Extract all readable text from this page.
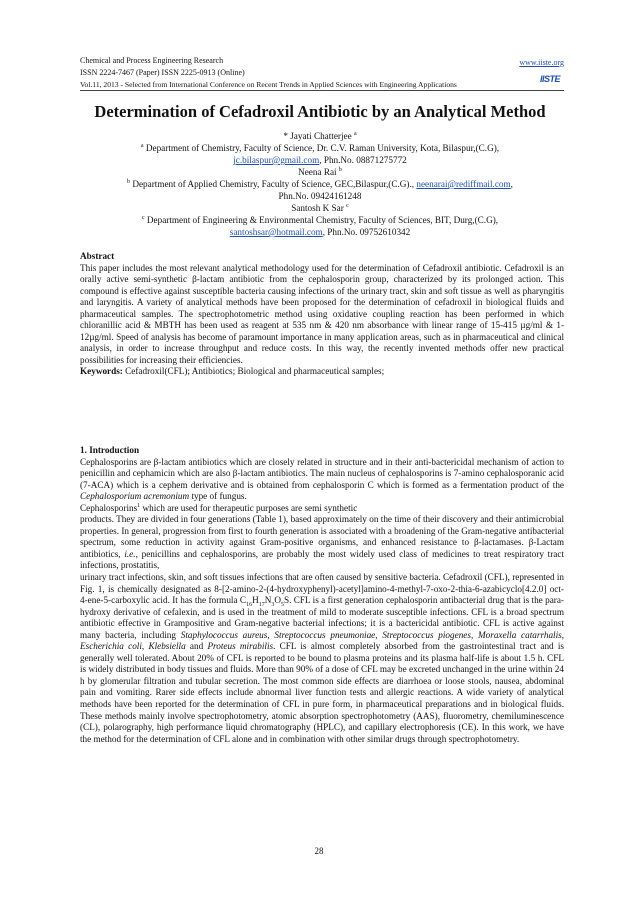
Chemical and Process Engineering Research	www.iiste.org
ISSN 2224-7467 (Paper) ISSN 2225-0913 (Online)
Vol.11, 2013 - Selected from International Conference on Recent Trends in Applied Sciences with Engineering Applications
IISTE
Determination of Cefadroxil Antibiotic by an Analytical Method
* Jayati Chatterjee $^a$
$^a$ Department of Chemistry, Faculty of Science, Dr. C.V. Raman University, Kota, Bilaspur,(C.G),
jc.bilaspur@gmail.com, Phn.No. 08871275772
Neena Rai $^b$
$^b$ Department of Applied Chemistry, Faculty of Science, GEC,Bilaspur,(C.G)., neenarai@rediffmail.com,
Phn.No. 09424161248
Santosh K Sar $^c$
$^c$ Department of Engineering & Environmental Chemistry, Faculty of Sciences, BIT, Durg,(C.G),
santoshsar@hotmail.com, Phn.No. 09752610342
Abstract

This paper includes the most relevant analytical methodology used for the determination of Cefadroxil antibiotic. Cefadroxil is an orally active semi-synthetic β-lactam antibiotic from the cephalosporin group, characterized by its prolonged action. This compound is effective against susceptible bacteria causing infections of the urinary tract, skin and soft tissue as well as pharyngitis and laryngitis. A variety of analytical methods have been proposed for the determination of cefadroxil in biological fluids and pharmaceutical samples. The spectrophotometric method using oxidative coupling reaction has been performed in which chloranillic acid & MBTH has been used as reagent at 535 nm & 420 nm absorbance with linear range of 15-415 µg/ml & 1-12µg/ml. Speed of analysis has become of paramount importance in many application areas, such as in pharmaceutical and clinical analysis, in order to increase throughput and reduce costs. In this way, the recently invented methods offer new practical possibilities for increasing their efficiencies.

Keywords: Cefadroxil(CFL); Antibiotics; Biological and pharmaceutical samples;
1. Introduction

Cephalosporins are β-lactam antibiotics which are closely related in structure and in their anti-bactericidal mechanism of action to penicillin and cephamicin which are also β-lactam antibiotics. The main nucleus of cephalosporins is 7-amino cephalosporanic acid (7-ACA) which is a cephem derivative and is obtained from cephalosporin C which is formed as a fermentation product of the Cephalosporium acremonium type of fungus.

Cephalosporins$^1$ which are used for therapeutic purposes are semi synthetic

products. They are divided in four generations (Table 1), based approximately on the time of their discovery and their antimicrobial properties. In general, progression from first to fourth generation is associated with a broadening of the Gram-negative antibacterial spectrum, some reduction in activity against Gram-positive organisms, and enhanced resistance to β-lactamases. β-Lactam antibiotics, i.e., penicillins and cephalosporins, are probably the most widely used class of medicines to treat respiratory tract infections, prostatitis,

urinary tract infections, skin, and soft tissues infections that are often caused by sensitive bacteria. Cefadroxil (CFL), represented in Fig. 1, is chemically designated as 8-[2-amino-2-(4-hydroxyphenyl)-acetyl]amino-4-methyl-7-oxo-2-thia-6-azabicyclo[4.2.0] oct-4-ene-5-carboxylic acid. It has the formula $C_{16}H_{17}N_3O_5S$. CFL is a first generation cephalosporin antibacterial drug that is the para-hydroxy derivative of cefalexin, and is used in the treatment of mild to moderate susceptible infections. CFL is a broad spectrum antibiotic effective in Grampositive and Gram-negative bacterial infections; it is a bactericidal antibiotic. CFL is active against many bacteria, including Staphylococcus aureus, Streptococcus pneumoniae, Streptococcus piogenes, Moraxella catarrhalis, Escherichia coli, Klebsiella and Proteus mirabilis. CFL is almost completely absorbed from the gastrointestinal tract and is generally well tolerated. About 20% of CFL is reported to be bound to plasma proteins and its plasma half-life is about 1.5 h. CFL is widely distributed in body tissues and fluids. More than 90% of a dose of CFL may be excreted unchanged in the urine within 24 h by glomerular filtration and tubular secretion. The most common side effects are diarrhoea or loose stools, nausea, abdominal pain and vomiting. Rarer side effects include abnormal liver function tests and allergic reactions. A wide variety of analytical methods have been reported for the determination of CFL in pure form, in pharmaceutical preparations and in biological fluids. These methods mainly involve spectrophotometry, atomic absorption spectrophotometry (AAS), fluorometry, chemiluminescence (CL), polarography, high performance liquid chromatography (HPLC), and capillary electrophoresis (CE). In this work, we have the method for the determination of CFL alone and in combination with other similar drugs through spectrophotometry.

28
